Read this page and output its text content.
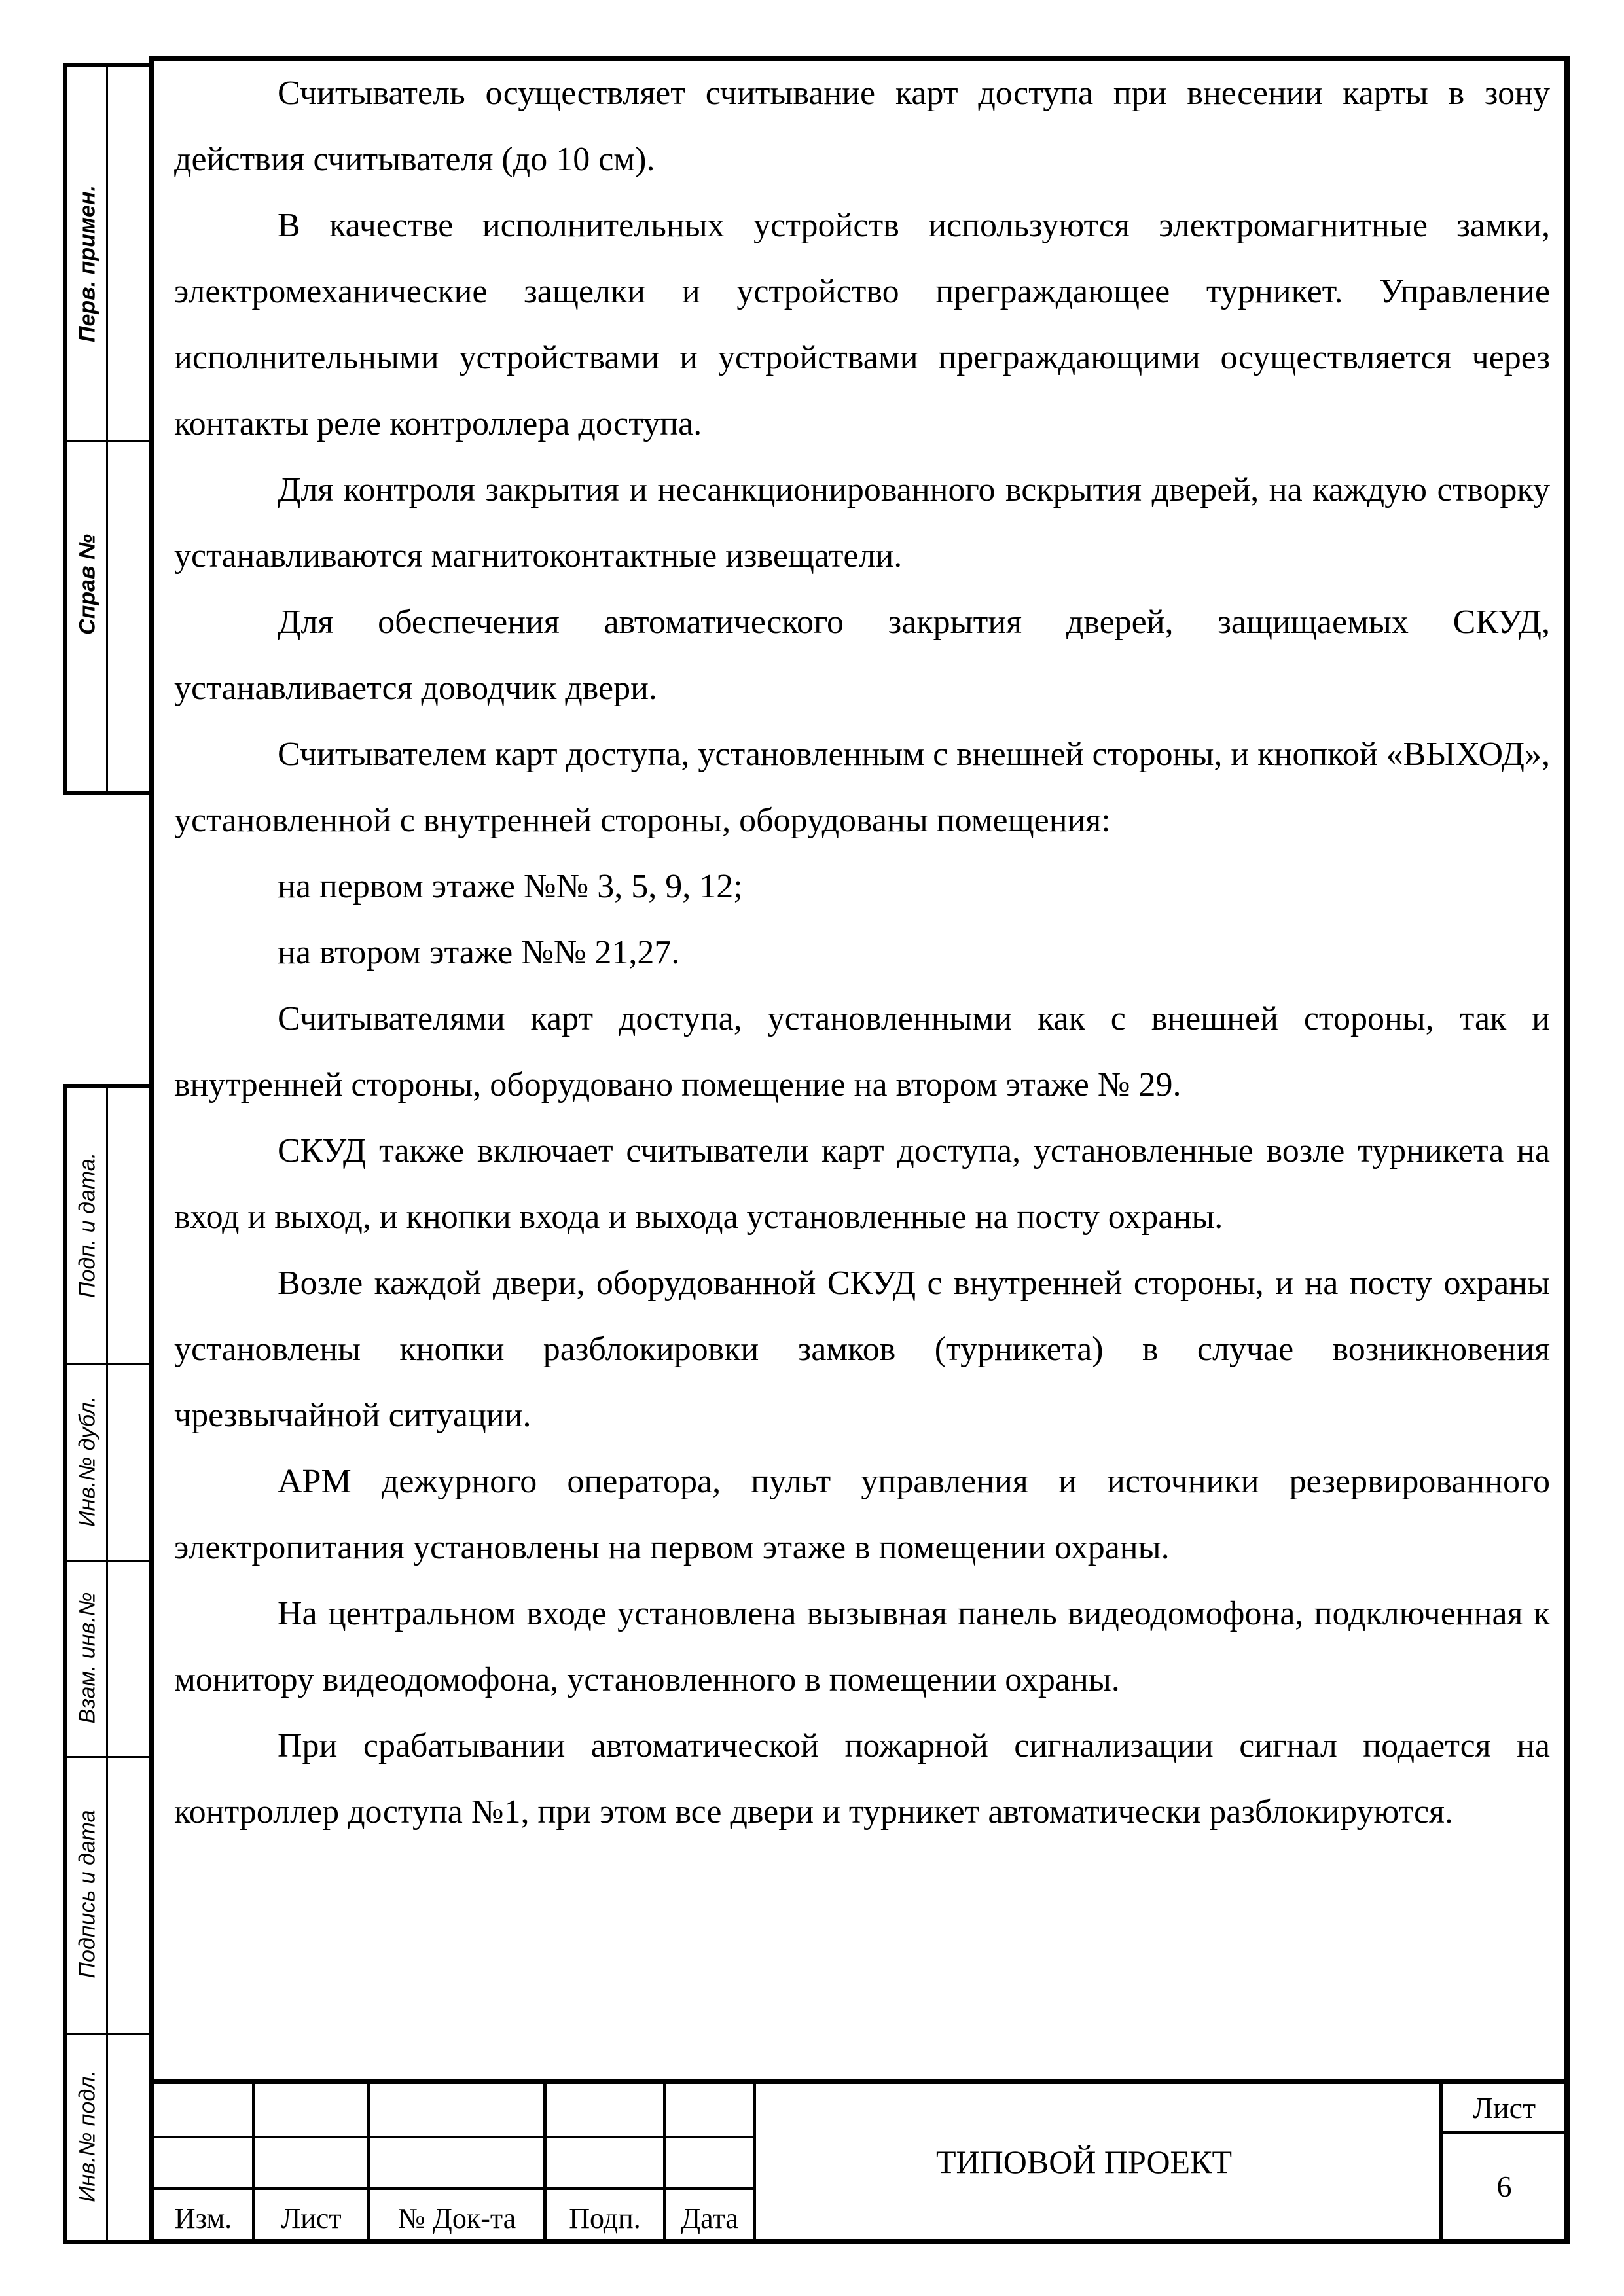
Перв. примен.
Справ №
Подп. и дата.
Инв.№ дубл.
Взам. инв.№
Подпись и дата
Инв.№ подл.

Считыватель осуществляет считывание карт доступа при внесении карты в зону действия считывателя (до 10 см).

В качестве исполнительных устройств используются электромагнитные замки, электромеханические защелки и устройство преграждающее турникет. Управление исполнительными устройствами и устройствами преграждающими осуществляется через контакты реле контроллера доступа.

Для контроля закрытия и несанкционированного вскрытия дверей, на каждую створку устанавливаются магнитоконтактные извещатели.

Для обеспечения автоматического закрытия дверей, защищаемых СКУД, устанавливается доводчик двери.

Считывателем карт доступа, установленным с внешней стороны, и кнопкой «ВЫХОД», установленной с внутренней стороны, оборудованы помещения:

на первом этаже №№ 3, 5, 9, 12;

на втором этаже №№ 21,27.

Считывателями карт доступа, установленными как с внешней стороны, так и внутренней стороны, оборудовано помещение на втором этаже № 29.

СКУД также включает считыватели карт доступа, установленные возле турникета на вход и выход, и кнопки входа и выхода установленные на посту охраны.

Возле каждой двери, оборудованной СКУД с внутренней стороны, и на посту охраны установлены кнопки разблокировки замков (турникета) в случае возникновения чрезвычайной ситуации.

АРМ дежурного оператора, пульт управления и источники резервированного электропитания установлены на первом этаже в помещении охраны.

На центральном входе установлена вызывная панель видеодомофона, подключенная к монитору видеодомофона, установленного в помещении охраны.

При срабатывании автоматической пожарной сигнализации сигнал подается на контроллер доступа №1, при этом все двери и турникет автоматически разблокируются.

Изм.	Лист	№ Док-та	Подп.	Дата
ТИПОВОЙ ПРОЕКТ
Лист
6
